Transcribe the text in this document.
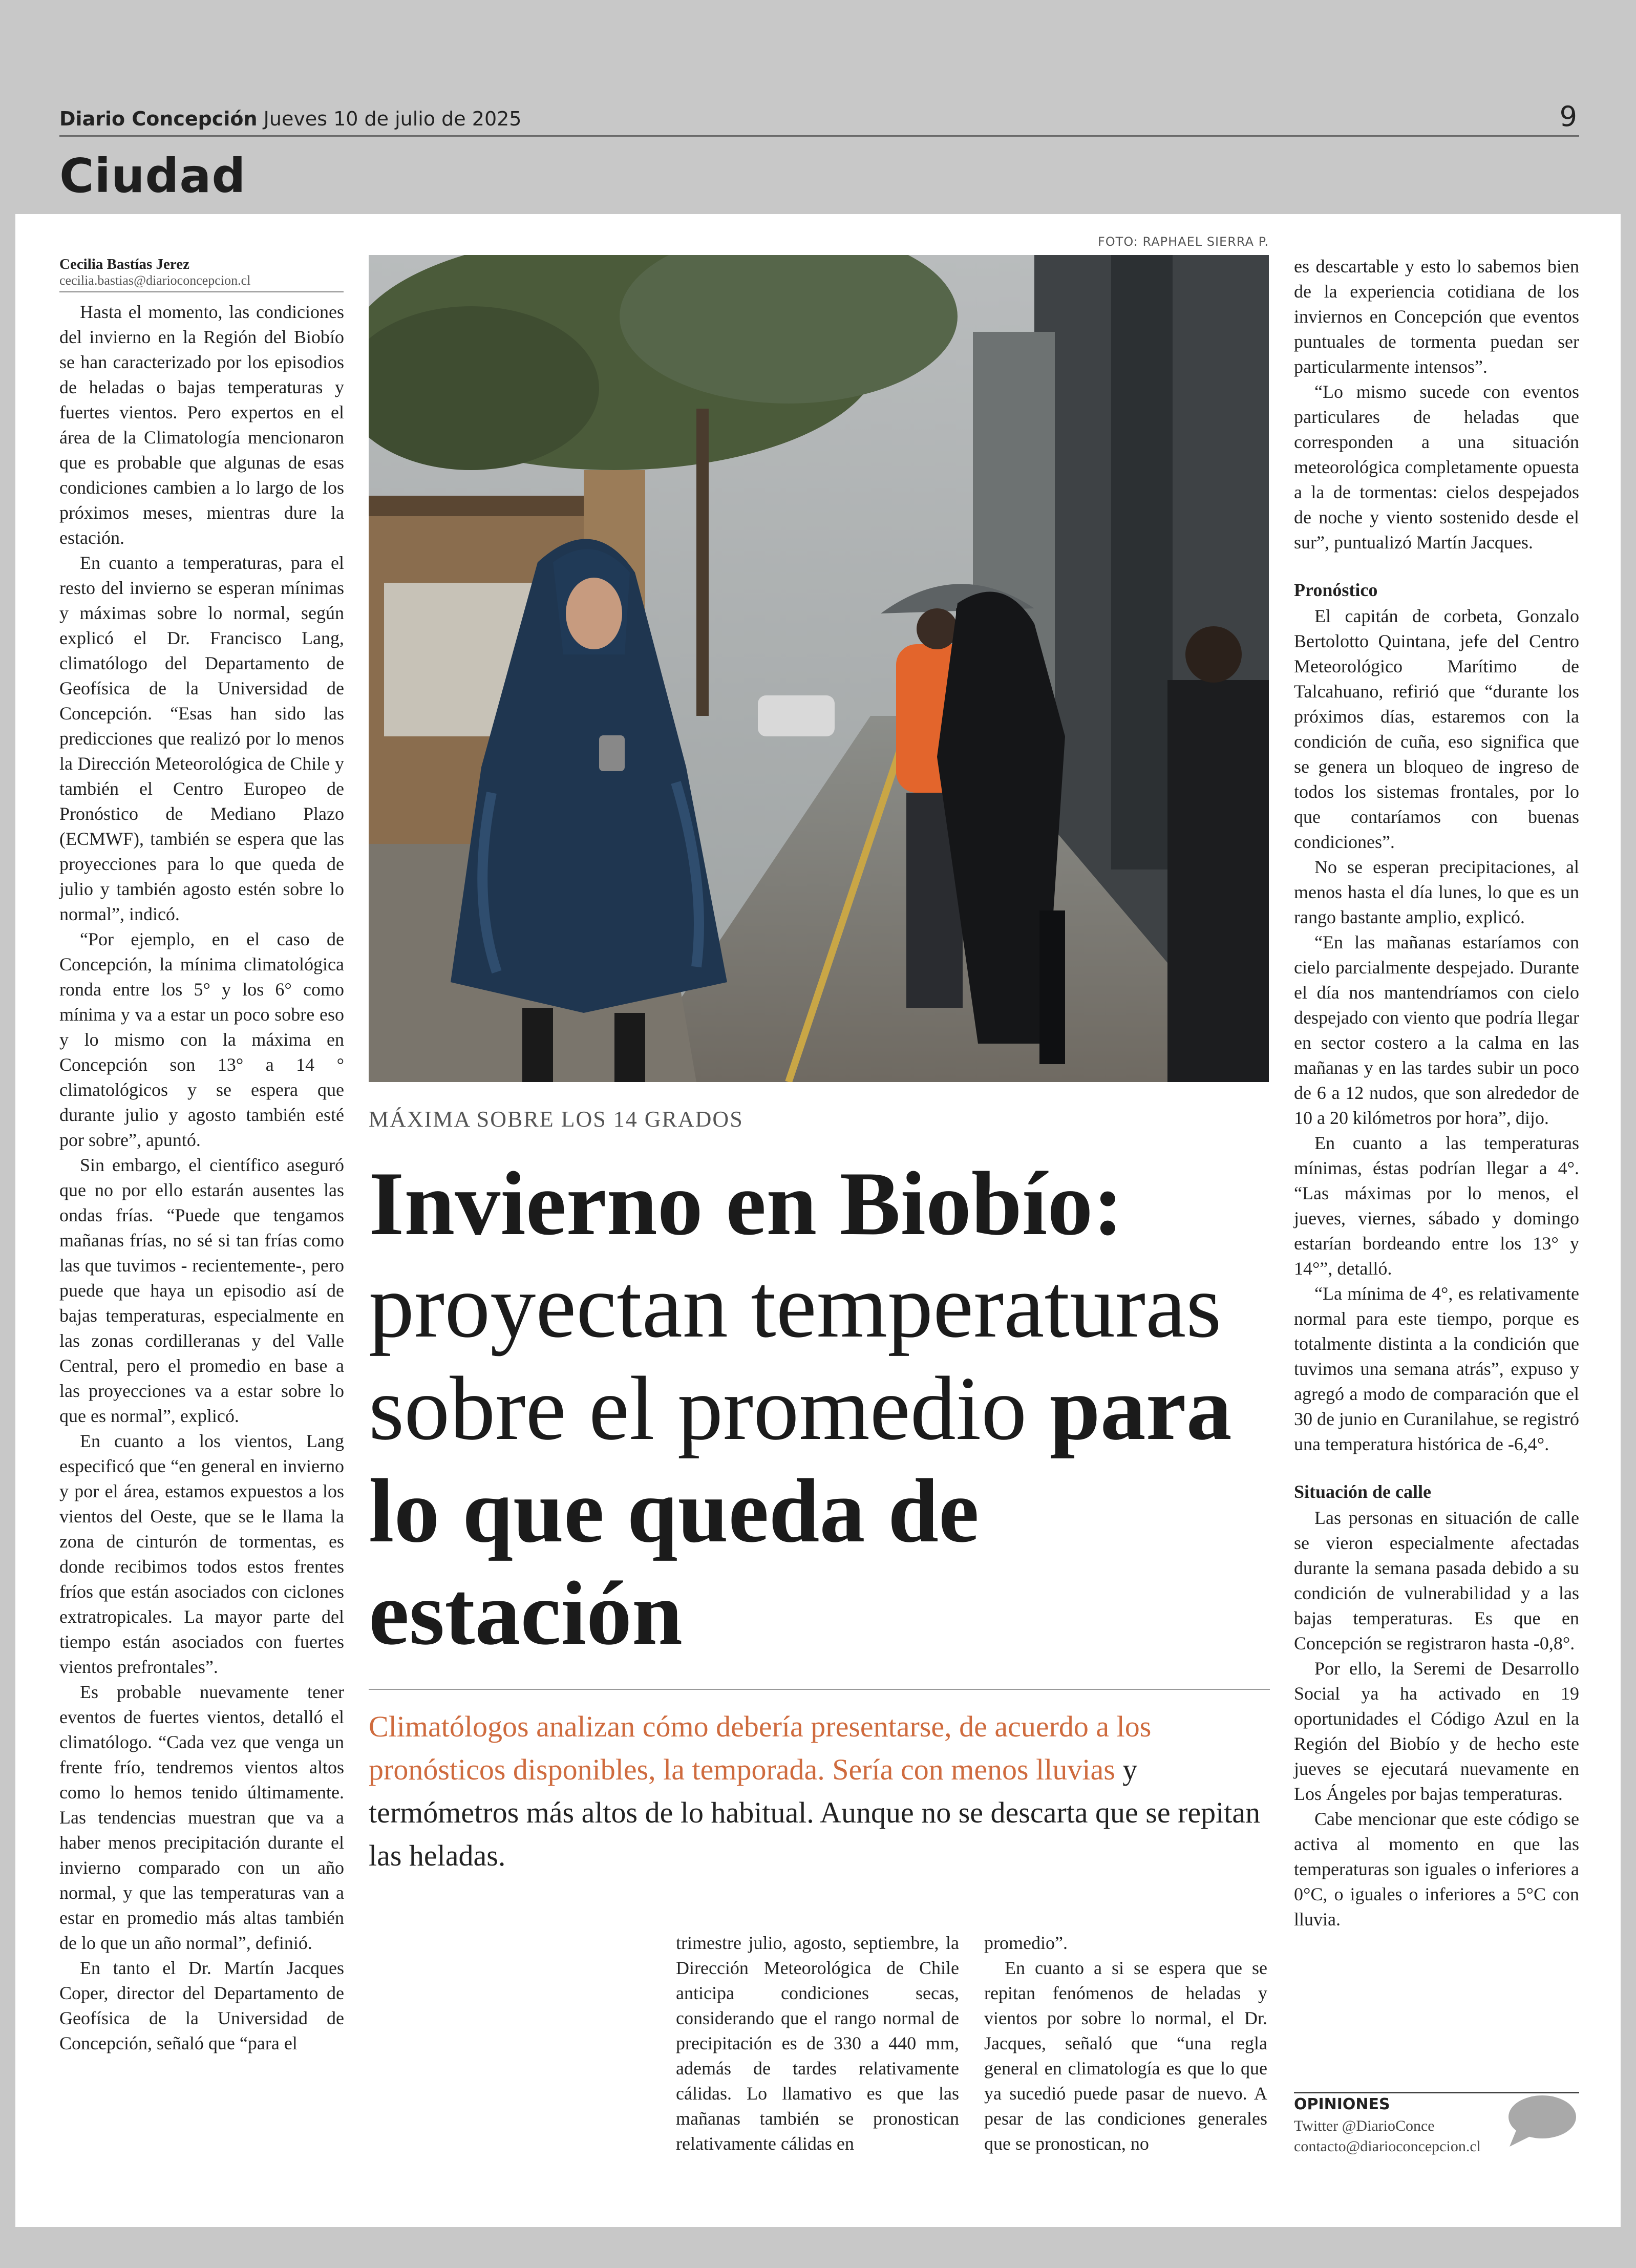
Diario Concepción Jueves 10 de julio de 2025	9
Ciudad
Cecilia Bastías Jerez
cecilia.bastias@diarioconcepcion.cl

Hasta el momento, las condiciones del invierno en la Región del Biobío se han caracterizado por los episodios de heladas o bajas temperaturas y fuertes vientos. Pero expertos en el área de la Climatología mencionaron que es probable que algunas de esas condiciones cambien a lo largo de los próximos meses, mientras dure la estación.

En cuanto a temperaturas, para el resto del invierno se esperan mínimas y máximas sobre lo normal, según explicó el Dr. Francisco Lang, climatólogo del Departamento de Geofísica de la Universidad de Concepción. “Esas han sido las predicciones que realizó por lo menos la Dirección Meteorológica de Chile y también el Centro Europeo de Pronóstico de Mediano Plazo (ECMWF), también se espera que las proyecciones para lo que queda de julio y también agosto estén sobre lo normal”, indicó.

“Por ejemplo, en el caso de Concepción, la mínima climatológica ronda entre los 5° y los 6° como mínima y va a estar un poco sobre eso y lo mismo con la máxima en Concepción son 13° a 14 ° climatológicos y se espera que durante julio y agosto también esté por sobre”, apuntó.

Sin embargo, el científico aseguró que no por ello estarán ausentes las ondas frías. “Puede que tengamos mañanas frías, no sé si tan frías como las que tuvimos - recientemente-, pero puede que haya un episodio así de bajas temperaturas, especialmente en las zonas cordilleranas y del Valle Central, pero el promedio en base a las proyecciones va a estar sobre lo que es normal”, explicó.

En cuanto a los vientos, Lang especificó que “en general en invierno y por el área, estamos expuestos a los vientos del Oeste, que se le llama la zona de cinturón de tormentas, es donde recibimos todos estos frentes fríos que están asociados con ciclones extratropicales. La mayor parte del tiempo están asociados con fuertes vientos prefrontales”.

Es probable nuevamente tener eventos de fuertes vientos, detalló el climatólogo. “Cada vez que venga un frente frío, tendremos vientos altos como lo hemos tenido últimamente. Las tendencias muestran que va a haber menos precipitación durante el invierno comparado con un año normal, y que las temperaturas van a estar en promedio más altas también de lo que un año normal”, definió.

En tanto el Dr. Martín Jacques Coper, director del Departamento de Geofísica de la Universidad de Concepción, señaló que “para el

FOTO: RAPHAEL SIERRA P.
MÁXIMA SOBRE LOS 14 GRADOS
Invierno en Biobío: proyectan temperaturas sobre el promedio para lo que queda de estación
Climatólogos analizan cómo debería presentarse, de acuerdo a los pronósticos disponibles, la temporada. Sería con menos lluvias y termómetros más altos de lo habitual. Aunque no se descarta que se repitan las heladas.

trimestre julio, agosto, septiembre, la Dirección Meteorológica de Chile anticipa condiciones secas, considerando que el rango normal de precipitación es de 330 a 440 mm, además de tardes relativamente cálidas. Lo llamativo es que las mañanas también se pronostican relativamente cálidas en

promedio”.

En cuanto a si se espera que se repitan fenómenos de heladas y vientos por sobre lo normal, el Dr. Jacques, señaló que “una regla general en climatología es que lo que ya sucedió puede pasar de nuevo. A pesar de las condiciones generales que se pronostican, no

es descartable y esto lo sabemos bien de la experiencia cotidiana de los inviernos en Concepción que eventos puntuales de tormenta puedan ser particularmente intensos”.

“Lo mismo sucede con eventos particulares de heladas que corresponden a una situación meteorológica completamente opuesta a la de tormentas: cielos despejados de noche y viento sostenido desde el sur”, puntualizó Martín Jacques.

Pronóstico

El capitán de corbeta, Gonzalo Bertolotto Quintana, jefe del Centro Meteorológico Marítimo de Talcahuano, refirió que “durante los próximos días, estaremos con la condición de cuña, eso significa que se genera un bloqueo de ingreso de todos los sistemas frontales, por lo que contaríamos con buenas condiciones”.

No se esperan precipitaciones, al menos hasta el día lunes, lo que es un rango bastante amplio, explicó.

“En las mañanas estaríamos con cielo parcialmente despejado. Durante el día nos mantendríamos con cielo despejado con viento que podría llegar en sector costero a la calma en las mañanas y en las tardes subir un poco de 6 a 12 nudos, que son alrededor de 10 a 20 kilómetros por hora”, dijo.

En cuanto a las temperaturas mínimas, éstas podrían llegar a 4°. “Las máximas por lo menos, el jueves, viernes, sábado y domingo estarían bordeando entre los 13° y 14°”, detalló.

“La mínima de 4°, es relativamente normal para este tiempo, porque es totalmente distinta a la condición que tuvimos una semana atrás”, expuso y agregó a modo de comparación que el 30 de junio en Curanilahue, se registró una temperatura histórica de -6,4°.

Situación de calle

Las personas en situación de calle se vieron especialmente afectadas durante la semana pasada debido a su condición de vulnerabilidad y a las bajas temperaturas. Es que en Concepción se registraron hasta -0,8°.

Por ello, la Seremi de Desarrollo Social ya ha activado en 19 oportunidades el Código Azul en la Región del Biobío y de hecho este jueves se ejecutará nuevamente en Los Ángeles por bajas temperaturas.

Cabe mencionar que este código se activa al momento en que las temperaturas son iguales o inferiores a 0°C, o iguales o inferiores a 5°C con lluvia.

OPINIONES
Twitter @DiarioConce
contacto@diarioconcepcion.cl
